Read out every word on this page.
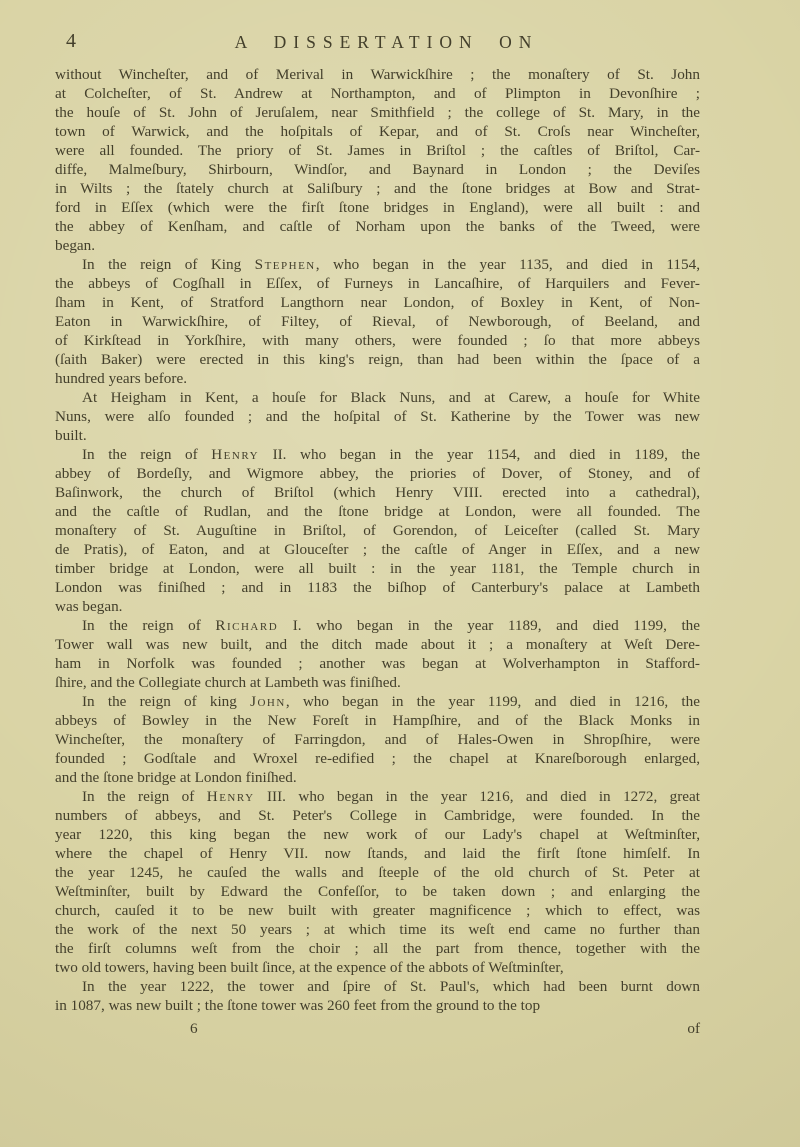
4	A DISSERTATION ON

without Wincheſter, and of Merival in Warwickſhire ; the monaſtery of St. John
at Colcheſter, of St. Andrew at Northampton, and of Plimpton in Devonſhire ;
the houſe of St. John of Jeruſalem, near Smithfield ; the college of St. Mary, in the
town of Warwick, and the hoſpitals of Kepar, and of St. Croſs near Wincheſter,
were all founded. The priory of St. James in Briſtol ; the caſtles of Briſtol, Car-
diffe, Malmeſbury, Shirbourn, Windſor, and Baynard in London ; the Deviſes
in Wilts ; the ſtately church at Saliſbury ; and the ſtone bridges at Bow and Strat-
ford in Eſſex (which were the firſt ſtone bridges in England), were all built : and
the abbey of Kenſham, and caſtle of Norham upon the banks of the Tweed, were
began.

In the reign of King Stephen, who began in the year 1135, and died in 1154,
the abbeys of Cogſhall in Eſſex, of Furneys in Lancaſhire, of Harquilers and Fever-
ſham in Kent, of Stratford Langthorn near London, of Boxley in Kent, of Non-
Eaton in Warwickſhire, of Filtey, of Rieval, of Newborough, of Beeland, and
of Kirkſtead in Yorkſhire, with many others, were founded ; ſo that more abbeys
(ſaith Baker) were erected in this king's reign, than had been within the ſpace of a
hundred years before.

At Heigham in Kent, a houſe for Black Nuns, and at Carew, a houſe for White
Nuns, were alſo founded ; and the hoſpital of St. Katherine by the Tower was new
built.

In the reign of Henry II. who began in the year 1154, and died in 1189, the
abbey of Bordeſly, and Wigmore abbey, the priories of Dover, of Stoney, and of
Baſinwork, the church of Briſtol (which Henry VIII. erected into a cathedral),
and the caſtle of Rudlan, and the ſtone bridge at London, were all founded. The
monaſtery of St. Auguſtine in Briſtol, of Gorendon, of Leiceſter (called St. Mary
de Pratis), of Eaton, and at Glouceſter ; the caſtle of Anger in Eſſex, and a new
timber bridge at London, were all built : in the year 1181, the Temple church in
London was finiſhed ; and in 1183 the biſhop of Canterbury's palace at Lambeth
was began.

In the reign of Richard I. who began in the year 1189, and died 1199, the
Tower wall was new built, and the ditch made about it ; a monaſtery at Weſt Dere-
ham in Norfolk was founded ; another was began at Wolverhampton in Stafford-
ſhire, and the Collegiate church at Lambeth was finiſhed.

In the reign of king John, who began in the year 1199, and died in 1216, the
abbeys of Bowley in the New Foreſt in Hampſhire, and of the Black Monks in
Wincheſter, the monaſtery of Farringdon, and of Hales-Owen in Shropſhire, were
founded ; Godſtale and Wroxel re-edified ; the chapel at Knareſborough enlarged,
and the ſtone bridge at London finiſhed.

In the reign of Henry III. who began in the year 1216, and died in 1272, great
numbers of abbeys, and St. Peter's College in Cambridge, were founded. In the
year 1220, this king began the new work of our Lady's chapel at Weſtminſter,
where the chapel of Henry VII. now ſtands, and laid the firſt ſtone himſelf. In
the year 1245, he cauſed the walls and ſteeple of the old church of St. Peter at
Weſtminſter, built by Edward the Confeſſor, to be taken down ; and enlarging the
church, cauſed it to be new built with greater magnificence ; which to effect, was
the work of the next 50 years ; at which time its weſt end came no further than
the firſt columns weſt from the choir ; all the part from thence, together with the
two old towers, having been built ſince, at the expence of the abbots of Weſtminſter,

In the year 1222, the tower and ſpire of St. Paul's, which had been burnt down
in 1087, was new built ; the ſtone tower was 260 feet from the ground to the top

6	of
